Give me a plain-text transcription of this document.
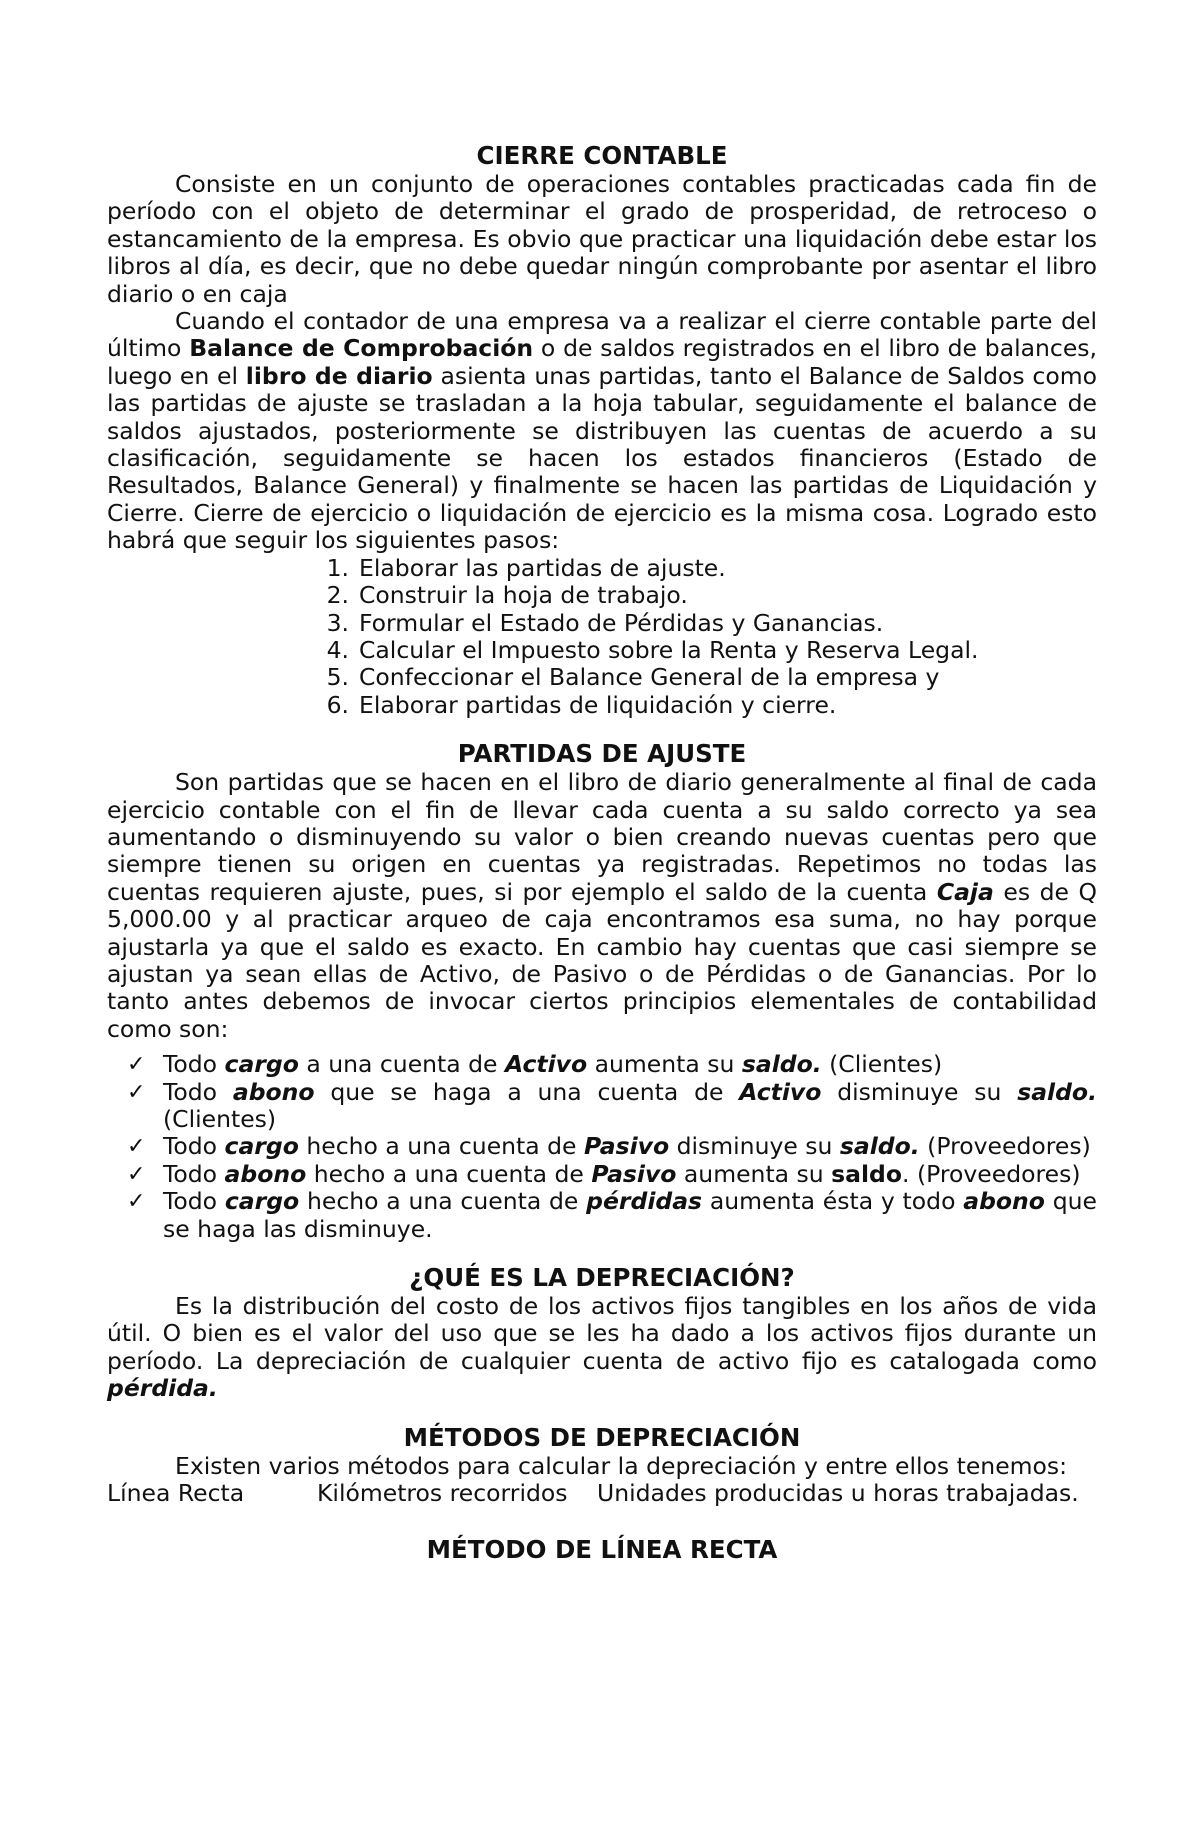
CIERRE CONTABLE

Consiste en un conjunto de operaciones contables practicadas cada fin de período con el objeto de determinar el grado de prosperidad, de retroceso o estancamiento de la empresa. Es obvio que practicar una liquidación debe estar los libros al día, es decir, que no debe quedar ningún comprobante por asentar el libro diario o en caja

Cuando el contador de una empresa va a realizar el cierre contable parte del último Balance de Comprobación o de saldos registrados en el libro de balances, luego en el libro de diario asienta unas partidas, tanto el Balance de Saldos como las partidas de ajuste se trasladan a la hoja tabular, seguidamente el balance de saldos ajustados, posteriormente se distribuyen las cuentas de acuerdo a su clasificación, seguidamente se hacen los estados financieros (Estado de Resultados, Balance General) y finalmente se hacen las partidas de Liquidación y Cierre. Cierre de ejercicio o liquidación de ejercicio es la misma cosa. Logrado esto habrá que seguir los siguientes pasos:

1. Elaborar las partidas de ajuste.
2. Construir la hoja de trabajo.
3. Formular el Estado de Pérdidas y Ganancias.
4. Calcular el Impuesto sobre la Renta y Reserva Legal.
5. Confeccionar el Balance General de la empresa y
6. Elaborar partidas de liquidación y cierre.
PARTIDAS DE AJUSTE

Son partidas que se hacen en el libro de diario generalmente al final de cada ejercicio contable con el fin de llevar cada cuenta a su saldo correcto ya sea aumentando o disminuyendo su valor o bien creando nuevas cuentas pero que siempre tienen su origen en cuentas ya registradas. Repetimos no todas las cuentas requieren ajuste, pues, si por ejemplo el saldo de la cuenta Caja es de Q 5,000.00 y al practicar arqueo de caja encontramos esa suma, no hay porque ajustarla ya que el saldo es exacto. En cambio hay cuentas que casi siempre se ajustan ya sean ellas de Activo, de Pasivo o de Pérdidas o de Ganancias. Por lo tanto antes debemos de invocar ciertos principios elementales de contabilidad como son:

✓ Todo cargo a una cuenta de Activo aumenta su saldo. (Clientes)
✓ Todo abono que se haga a una cuenta de Activo disminuye su saldo. (Clientes)
✓ Todo cargo hecho a una cuenta de Pasivo disminuye su saldo. (Proveedores)
✓ Todo abono hecho a una cuenta de Pasivo aumenta su saldo. (Proveedores)
✓ Todo cargo hecho a una cuenta de pérdidas aumenta ésta y todo abono que se haga las disminuye.
¿QUÉ ES LA DEPRECIACIÓN?

Es la distribución del costo de los activos fijos tangibles en los años de vida útil. O bien es el valor del uso que se les ha dado a los activos fijos durante un período. La depreciación de cualquier cuenta de activo fijo es catalogada como pérdida.

MÉTODOS DE DEPRECIACIÓN

Existen varios métodos para calcular la depreciación y entre ellos tenemos:

Línea Recta	Kilómetros recorridos	Unidades producidas u horas trabajadas.
MÉTODO DE LÍNEA RECTA
